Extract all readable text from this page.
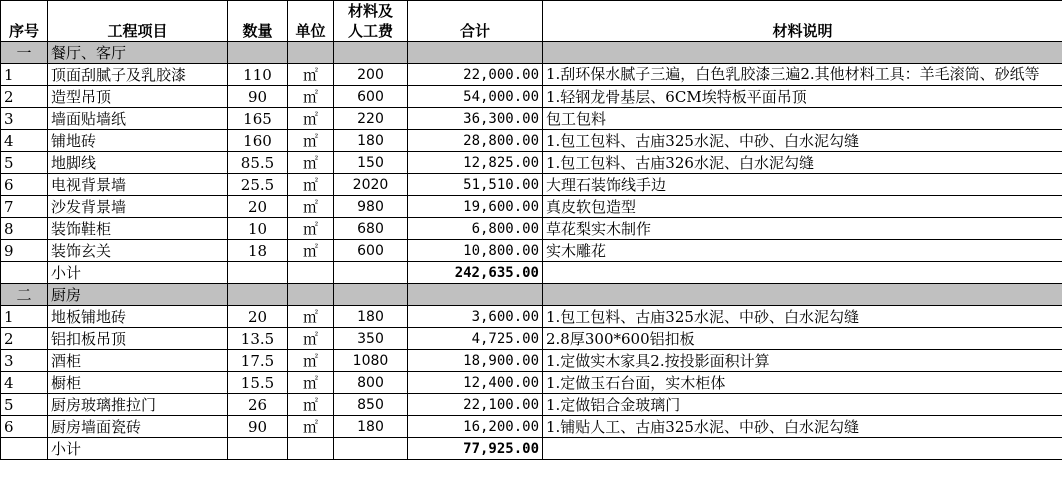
序号	工程项目	数量	单位	材料及
人工费	合计	材料说明
一	餐厅、客厅					
1	顶面刮腻子及乳胶漆	110	㎡	200	22,000.00	1.刮环保水腻子三遍，白色乳胶漆三遍2.其他材料工具：羊毛滚筒、砂纸等
2	造型吊顶	90	㎡	600	54,000.00	1.轻钢龙骨基层、6CM埃特板平面吊顶
3	墙面贴墙纸	165	㎡	220	36,300.00	包工包料
4	铺地砖	160	㎡	180	28,800.00	1.包工包料、古庙325水泥、中砂、白水泥勾缝
5	地脚线	85.5	㎡	150	12,825.00	1.包工包料、古庙326水泥、白水泥勾缝
6	电视背景墙	25.5	㎡	2020	51,510.00	大理石装饰线手边
7	沙发背景墙	20	㎡	980	19,600.00	真皮软包造型
8	装饰鞋柜	10	㎡	680	6,800.00	草花梨实木制作
9	装饰玄关	18	㎡	600	10,800.00	实木雕花
	小计				242,635.00	
二	厨房					
1	地板铺地砖	20	㎡	180	3,600.00	1.包工包料、古庙325水泥、中砂、白水泥勾缝
2	铝扣板吊顶	13.5	㎡	350	4,725.00	2.8厚300*600铝扣板
3	酒柜	17.5	㎡	1080	18,900.00	1.定做实木家具2.按投影面积计算
4	橱柜	15.5	㎡	800	12,400.00	1.定做玉石台面，实木柜体
5	厨房玻璃推拉门	26	㎡	850	22,100.00	1.定做铝合金玻璃门
6	厨房墙面瓷砖	90	㎡	180	16,200.00	1.铺贴人工、古庙325水泥、中砂、白水泥勾缝
	小计				77,925.00	
